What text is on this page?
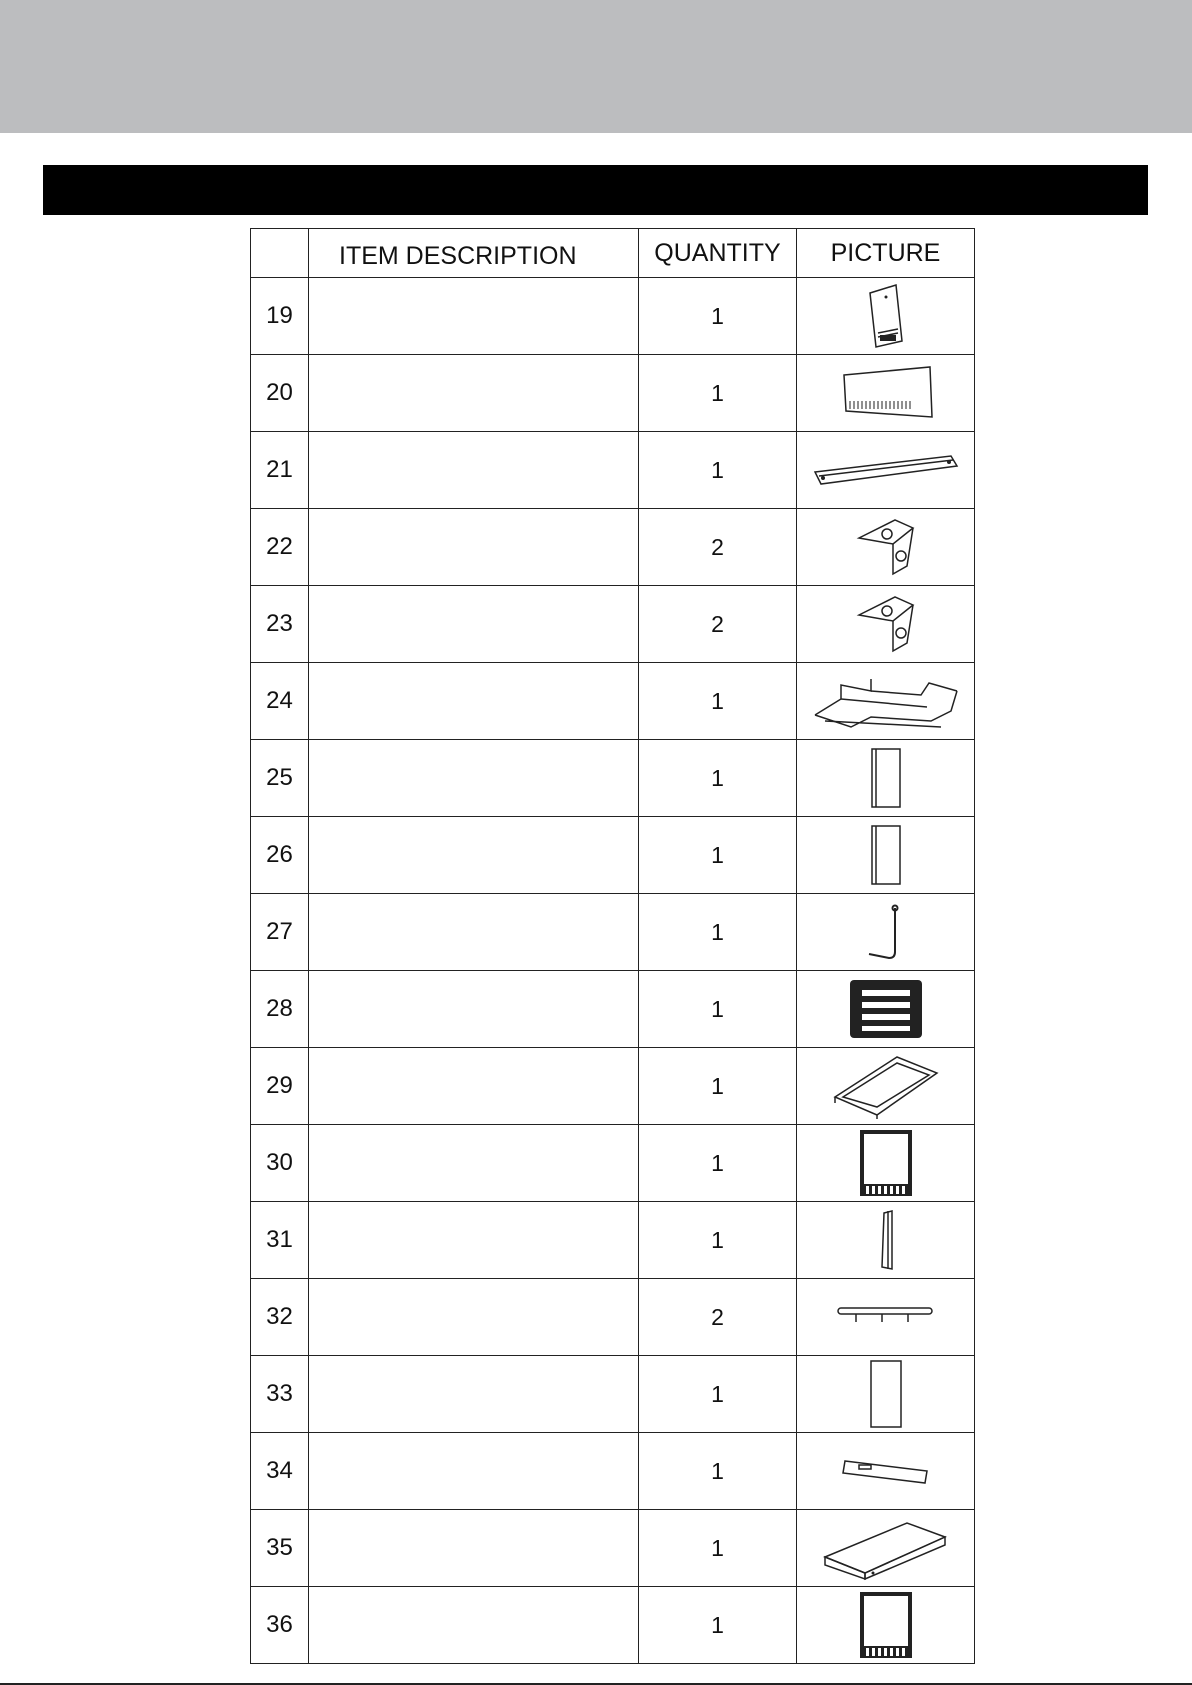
	ITEM DESCRIPTION	QUANTITY	PICTURE
19		1	

20		1	

21		1	

22		2	

23		2	

24		1	

25		1	

26		1	

27		1	

28		1	

29		1	

30		1	

31		1	

32		2	

33		1	

34		1	

35		1	

36		1	
